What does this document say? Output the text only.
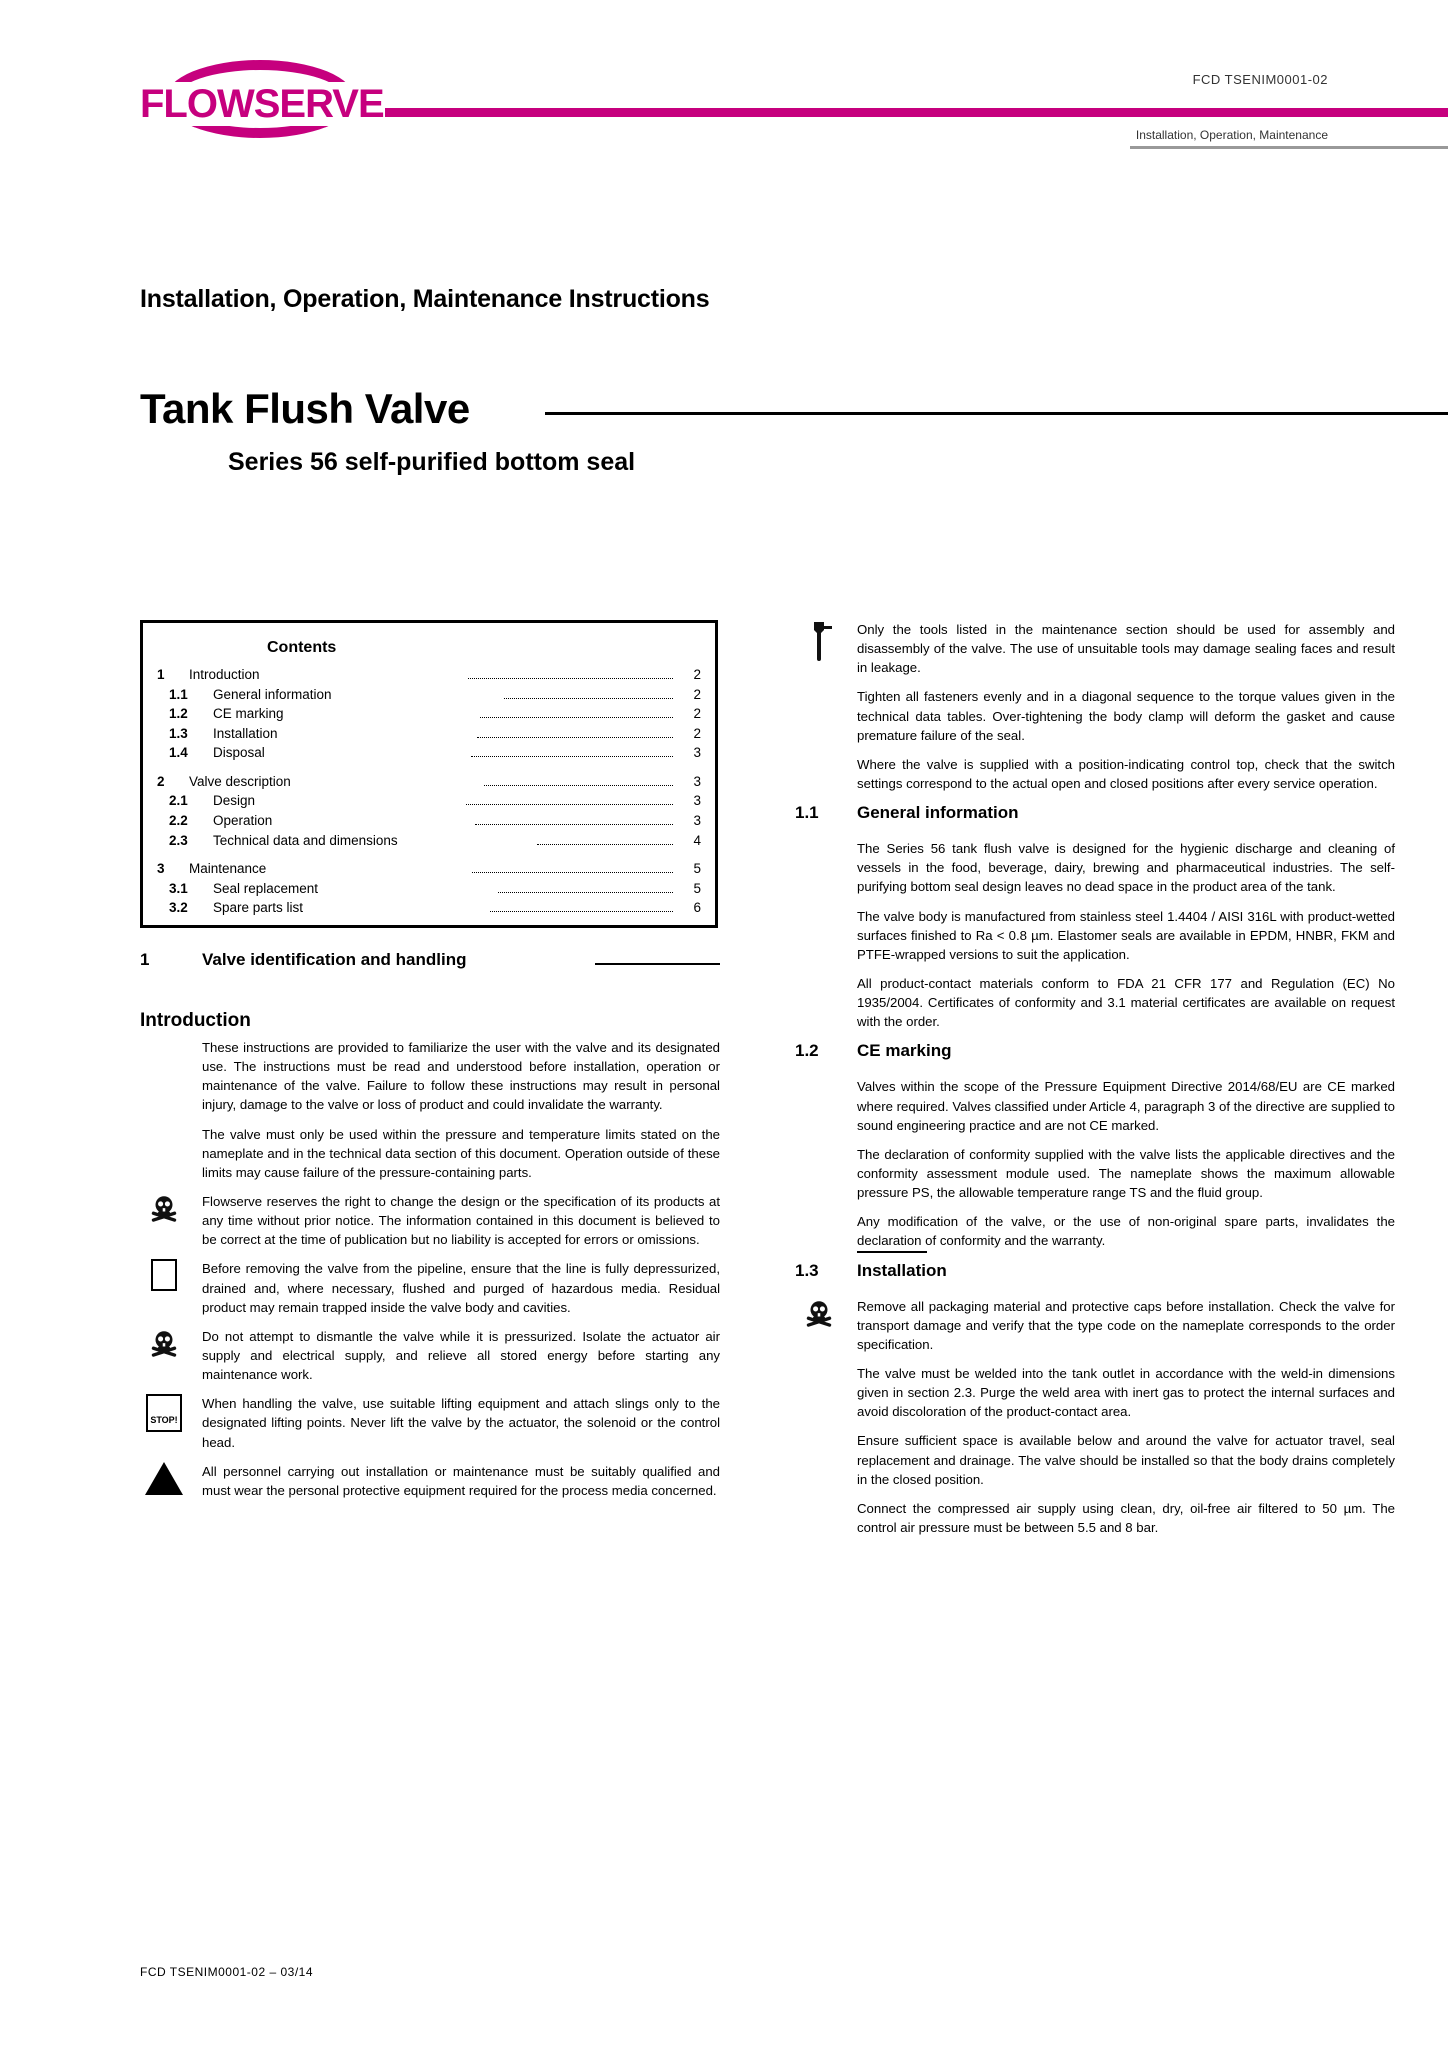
FLOWSERVE
FCD TSENIM0001-02
Installation, Operation, Maintenance
Installation, Operation, Maintenance Instructions
Tank Flush Valve
Series 56 self-purified bottom seal
Contents
1	Introduction	2
1.1	General information	2
1.2	CE marking	2
1.3	Installation	2
1.4	Disposal	3
2	Valve description	3
2.1	Design	3
2.2	Operation	3
2.3	Technical data and dimensions	4
3	Maintenance	5
3.1	Seal replacement	5
3.2	Spare parts list	6
1	Valve identification and handling
Introduction

These instructions are provided to familiarize the user with the valve and its designated use. The instructions must be read and understood before installation, operation or maintenance of the valve. Failure to follow these instructions may result in personal injury, damage to the valve or loss of product and could invalidate the warranty.

The valve must only be used within the pressure and temperature limits stated on the nameplate and in the technical data section of this document. Operation outside of these limits may cause failure of the pressure-containing parts.

Flowserve reserves the right to change the design or the specification of its products at any time without prior notice. The information contained in this document is believed to be correct at the time of publication but no liability is accepted for errors or omissions.

Before removing the valve from the pipeline, ensure that the line is fully depressurized, drained and, where necessary, flushed and purged of hazardous media. Residual product may remain trapped inside the valve body and cavities.

Do not attempt to dismantle the valve while it is pressurized. Isolate the actuator air supply and electrical supply, and relieve all stored energy before starting any maintenance work.

STOP!

When handling the valve, use suitable lifting equipment and attach slings only to the designated lifting points. Never lift the valve by the actuator, the solenoid or the control head.

All personnel carrying out installation or maintenance must be suitably qualified and must wear the personal protective equipment required for the process media concerned.

Only the tools listed in the maintenance section should be used for assembly and disassembly of the valve. The use of unsuitable tools may damage sealing faces and result in leakage.

Tighten all fasteners evenly and in a diagonal sequence to the torque values given in the technical data tables. Over-tightening the body clamp will deform the gasket and cause premature failure of the seal.

Where the valve is supplied with a position-indicating control top, check that the switch settings correspond to the actual open and closed positions after every service operation.

1.1	General information

The Series 56 tank flush valve is designed for the hygienic discharge and cleaning of vessels in the food, beverage, dairy, brewing and pharmaceutical industries. The self-purifying bottom seal design leaves no dead space in the product area of the tank.

The valve body is manufactured from stainless steel 1.4404 / AISI 316L with product-wetted surfaces finished to Ra < 0.8 µm. Elastomer seals are available in EPDM, HNBR, FKM and PTFE-wrapped versions to suit the application.

All product-contact materials conform to FDA 21 CFR 177 and Regulation (EC) No 1935/2004. Certificates of conformity and 3.1 material certificates are available on request with the order.

1.2	CE marking

Valves within the scope of the Pressure Equipment Directive 2014/68/EU are CE marked where required. Valves classified under Article 4, paragraph 3 of the directive are supplied to sound engineering practice and are not CE marked.

The declaration of conformity supplied with the valve lists the applicable directives and the conformity assessment module used. The nameplate shows the maximum allowable pressure PS, the allowable temperature range TS and the fluid group.

Any modification of the valve, or the use of non-original spare parts, invalidates the declaration of conformity and the warranty.

1.3	Installation

Remove all packaging material and protective caps before installation. Check the valve for transport damage and verify that the type code on the nameplate corresponds to the order specification.

The valve must be welded into the tank outlet in accordance with the weld-in dimensions given in section 2.3. Purge the weld area with inert gas to protect the internal surfaces and avoid discoloration of the product-contact area.

Ensure sufficient space is available below and around the valve for actuator travel, seal replacement and drainage. The valve should be installed so that the body drains completely in the closed position.

Connect the compressed air supply using clean, dry, oil-free air filtered to 50 µm. The control air pressure must be between 5.5 and 8 bar.

FCD TSENIM0001-02 – 03/14
